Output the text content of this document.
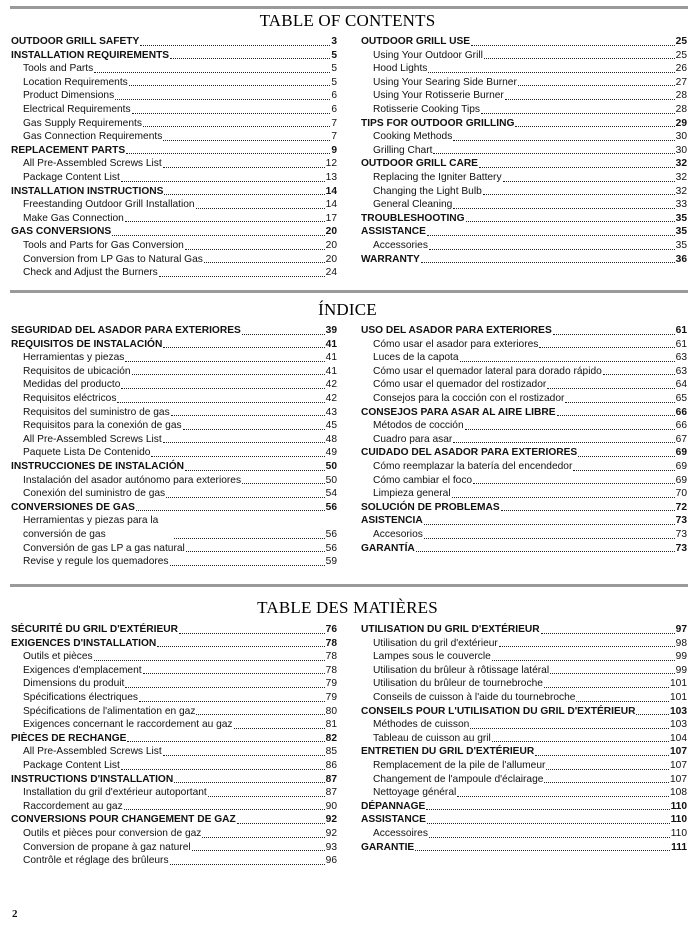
TABLE OF CONTENTS
OUTDOOR GRILL SAFETY	3
INSTALLATION REQUIREMENTS	5
Tools and Parts	5
Location Requirements	5
Product Dimensions	6
Electrical Requirements	6
Gas Supply Requirements	7
Gas Connection Requirements	7
REPLACEMENT PARTS	9
All Pre-Assembled Screws List	12
Package Content List	13
INSTALLATION INSTRUCTIONS	14
Freestanding Outdoor Grill Installation	14
Make Gas Connection	17
GAS CONVERSIONS	20
Tools and Parts for Gas Conversion	20
Conversion from LP Gas to Natural Gas	20
Check and Adjust the Burners	24
OUTDOOR GRILL USE	25
Using Your Outdoor Grill	25
Hood Lights	26
Using Your Searing Side Burner	27
Using Your Rotisserie Burner	28
Rotisserie Cooking Tips	28
TIPS FOR OUTDOOR GRILLING	29
Cooking Methods	30
Grilling Chart	30
OUTDOOR GRILL CARE	32
Replacing the Igniter Battery	32
Changing the Light Bulb	32
General Cleaning	33
TROUBLESHOOTING	35
ASSISTANCE	35
Accessories	35
WARRANTY	36
ÍNDICE
SEGURIDAD DEL ASADOR PARA EXTERIORES	39
REQUISITOS DE INSTALACIÓN	41
Herramientas y piezas	41
Requisitos de ubicación	41
Medidas del producto	42
Requisitos eléctricos	42
Requisitos del suministro de gas	43
Requisitos para la conexión de gas	45
All Pre-Assembled Screws List	48
Paquete Lista De Contenido	49
INSTRUCCIONES DE INSTALACIÓN	50
Instalación del asador autónomo para exteriores	50
Conexión del suministro de gas	54
CONVERSIONES DE GAS	56
Herramientas y piezas para la conversión de gas	56
Conversión de gas LP a gas natural	56
Revise y regule los quemadores	59
USO DEL ASADOR PARA EXTERIORES	61
Cómo usar el asador para exteriores	61
Luces de la capota	63
Cómo usar el quemador lateral para dorado rápido	63
Cómo usar el quemador del rostizador	64
Consejos para la cocción con el rostizador	65
CONSEJOS PARA ASAR AL AIRE LIBRE	66
Métodos de cocción	66
Cuadro para asar	67
CUIDADO DEL ASADOR PARA EXTERIORES	69
Cómo reemplazar la batería del encendedor	69
Cómo cambiar el foco	69
Limpieza general	70
SOLUCIÓN DE PROBLEMAS	72
ASISTENCIA	73
Accesorios	73
GARANTÍA	73
TABLE DES MATIÈRES
SÉCURITÉ DU GRIL D'EXTÉRIEUR	76
EXIGENCES D'INSTALLATION	78
Outils et pièces	78
Exigences d'emplacement	78
Dimensions du produit	79
Spécifications électriques	79
Spécifications de l'alimentation en gaz	80
Exigences concernant le raccordement au gaz	81
PIÈCES DE RECHANGE	82
All Pre-Assembled Screws List	85
Package Content List	86
INSTRUCTIONS D'INSTALLATION	87
Installation du gril d'extérieur autoportant	87
Raccordement au gaz	90
CONVERSIONS POUR CHANGEMENT DE GAZ	92
Outils et pièces pour conversion de gaz	92
Conversion de propane à gaz naturel	93
Contrôle et réglage des brûleurs	96
UTILISATION DU GRIL D'EXTÉRIEUR	97
Utilisation du gril d'extérieur	98
Lampes sous le couvercle	99
Utilisation du brûleur à rôtissage latéral	99
Utilisation du brûleur de tournebroche	101
Conseils de cuisson à l'aide du tournebroche	101
CONSEILS POUR L'UTILISATION DU GRIL D'EXTÉRIEUR	103
Méthodes de cuisson	103
Tableau de cuisson au gril	104
ENTRETIEN DU GRIL D'EXTÉRIEUR	107
Remplacement de la pile de l'allumeur	107
Changement de l'ampoule d'éclairage	107
Nettoyage général	108
DÉPANNAGE	110
ASSISTANCE	110
Accessoires	110
GARANTIE	111
2
